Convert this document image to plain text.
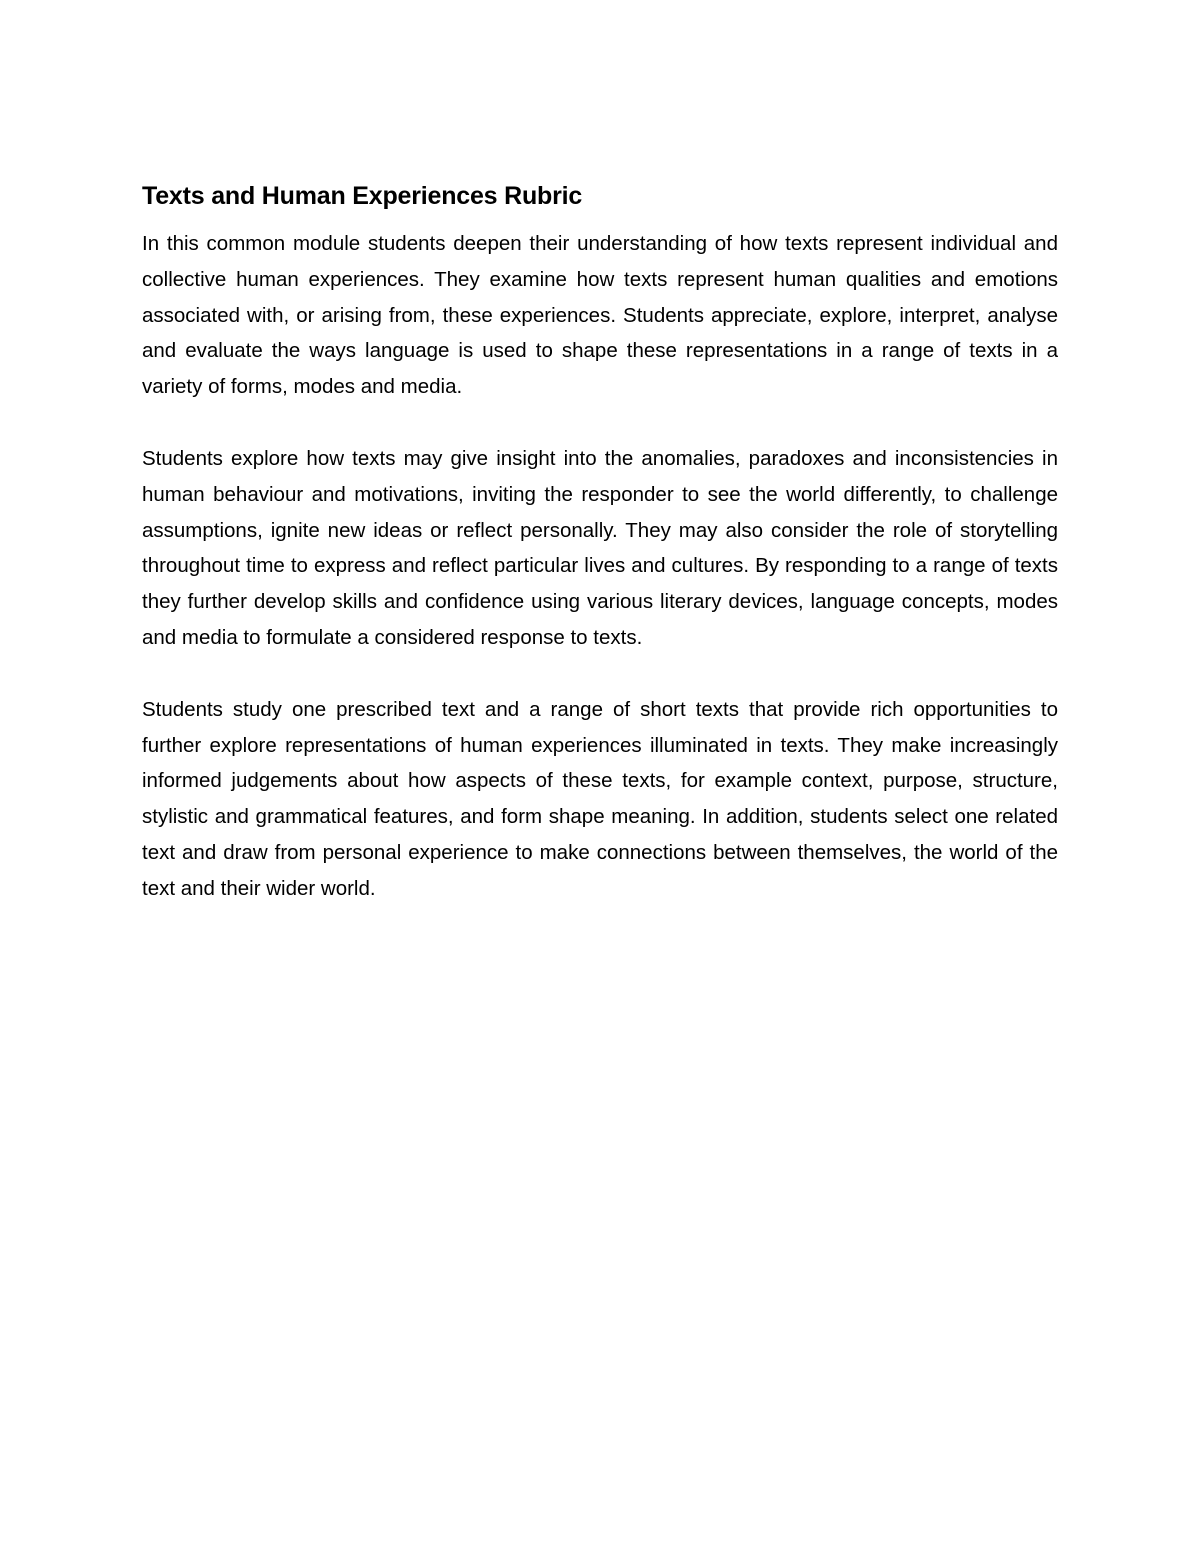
Texts and Human Experiences Rubric

In this common module students deepen their understanding of how texts represent individual and collective human experiences. They examine how texts represent human qualities and emotions associated with, or arising from, these experiences. Students appreciate, explore, interpret, analyse and evaluate the ways language is used to shape these representations in a range of texts in a variety of forms, modes and media.

Students explore how texts may give insight into the anomalies, paradoxes and inconsistencies in human behaviour and motivations, inviting the responder to see the world differently, to challenge assumptions, ignite new ideas or reflect personally. They may also consider the role of storytelling throughout time to express and reflect particular lives and cultures. By responding to a range of texts they further develop skills and confidence using various literary devices, language concepts, modes and media to formulate a considered response to texts.

Students study one prescribed text and a range of short texts that provide rich opportunities to further explore representations of human experiences illuminated in texts. They make increasingly informed judgements about how aspects of these texts, for example context, purpose, structure, stylistic and grammatical features, and form shape meaning. In addition, students select one related text and draw from personal experience to make connections between themselves, the world of the text and their wider world.
